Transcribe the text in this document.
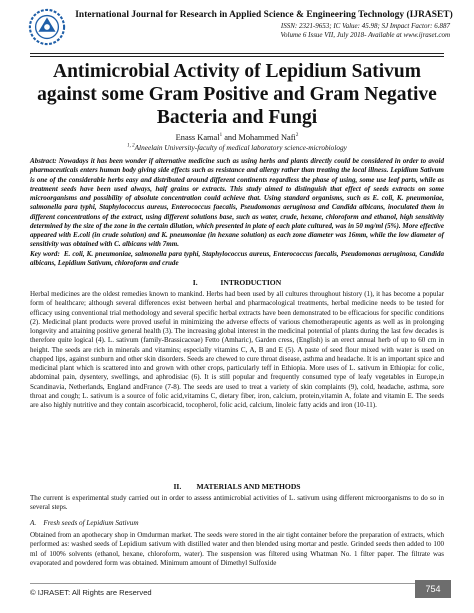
International Journal for Research in Applied Science & Engineering Technology (IJRASET)
ISSN: 2321-9653; IC Value: 45.98; SJ Impact Factor: 6.887
Volume 6 Issue VII, July 2018- Available at www.ijraset.com
Antimicrobial Activity of Lepidium Sativum against some Gram Positive and Gram Negative Bacteria and Fungi
Enass Kamal$^1$ and Mohammed Nafi$^2$
$^{1, 2}$Alneelain University-faculty of medical laboratory science-microbiology
Abstract: Nowadays it has been wonder if alternative medicine such as using herbs and plants directly could be considered in order to avoid pharmaceuticals enters human body giving side effects such as resistance and allergy rather than treating the local illness. Lepidium Sativum is one of the considerable herbs easy and distributed around different continents regardless the phase of using, some use leaf parts, while as treatment seeds have been used always, half grains or extracts. This study aimed to distinguish that effect of seeds extracts on some microorganisms and possibility of absolute concentration could achieve that. Using standard organisms, such as E. coli, K. pneumoniae, salmonella para typhi, Staphylococcus aureus, Enterococcus faecalis, Pseudomonas aeruginosa and Candida albicans, inoculated them in different concentrations of the extract, using different solutions base, such as water, crude, hexane, chloroform and ethanol, high sensitivity determined by the size of the zone in the certain dilution, which presented in plate of each plate cultured, was in 50 mg/ml (5%). More effective appeared with E.coli (in crude solution) and K. pneumoniae (in hexane solution) as each zone diameter was 16mm, while the low diameter of sensitivity was obtained with C. albicans with 7mm.
Key word: E. coli, K. pneumoniae, salmonella para typhi, Staphylococcus aureus, Enterococcus faecalis, Pseudomonas aeruginosa, Candida albicans, Lepidium Sativum, chloroform and crude
I.   INTRODUCTION
Herbal medicines are the oldest remedies known to mankind. Herbs had been used by all cultures throughout history (1), it has become a popular form of healthcare; although several differences exist between herbal and pharmacological treatments, herbal medicine needs to be tested for efficacy using conventional trial methodology and several specific herbal extracts have been demonstrated to be efficacious for specific conditions (2). Medicinal plant products were proved useful in minimizing the adverse effects of various chemotherapeutic agents as well as in prolonging longevity and attaining positive general health (3). The increasing global interest in the medicinal potential of plants during the last few decades is therefore quite logical (4). L. sativum (family-Brassicaceae) Fetto (Amharic), Garden cress, (English) is an erect annual herb of up to 60 cm in height. The seeds are rich in minerals and vitamins; especially vitamins C, A, B and E (5). A paste of seed flour mixed with water is used on chapped lips, against sunburn and other skin disorders. Seeds are chewed to cure throat disease, asthma and headache. It is an important spice and medicinal plant which is scattered into and grown with other crops, particularly teff in Ethiopia. More uses of L. sativum in Ethiopia: for colic, abdominal pain, dysentery, swellings, and aphrodisiac (6). It is still popular and frequently consumed type of leafy vegetables in Europe,in Scandinavia, Netherlands, England andFrance (7-8). The seeds are used to treat a variety of skin complaints (9), cold, headache, asthma, sore throat and cough; L. sativum is a source of folic acid,vitamins C, dietary fiber, iron, calcium, protein,vitamin A, folate and vitamin E. The seeds are also highly nutritive and they contain ascorbicacid, tocopherol, folic acid, calcium, linoleic fatty acids and iron (10-11).
II.  MATERIALS AND METHODS
The current is experimental study carried out in order to assess antimicrobial activities of L. sativum using different microorganisms to do so in several steps.
A. Fresh seeds of Lepidium Sativum
Obtained from an apothecary shop in Omdurman market. The seeds were stored in the air tight container before the preparation of extracts, which performed as: washed seeds of Lepidium sativum with distilled water and then blended using mortar and pestle. Grinded seeds then added to 100 ml of 100% solvents (ethanol, hexane, chloroform, water). The suspension was filtered using Whatman No. 1 filter paper. The filtrate was evaporated and powdered form was obtained. Minimum amount of Dimethyl Sulfoxide
© IJRASET: All Rights are Reserved	754
